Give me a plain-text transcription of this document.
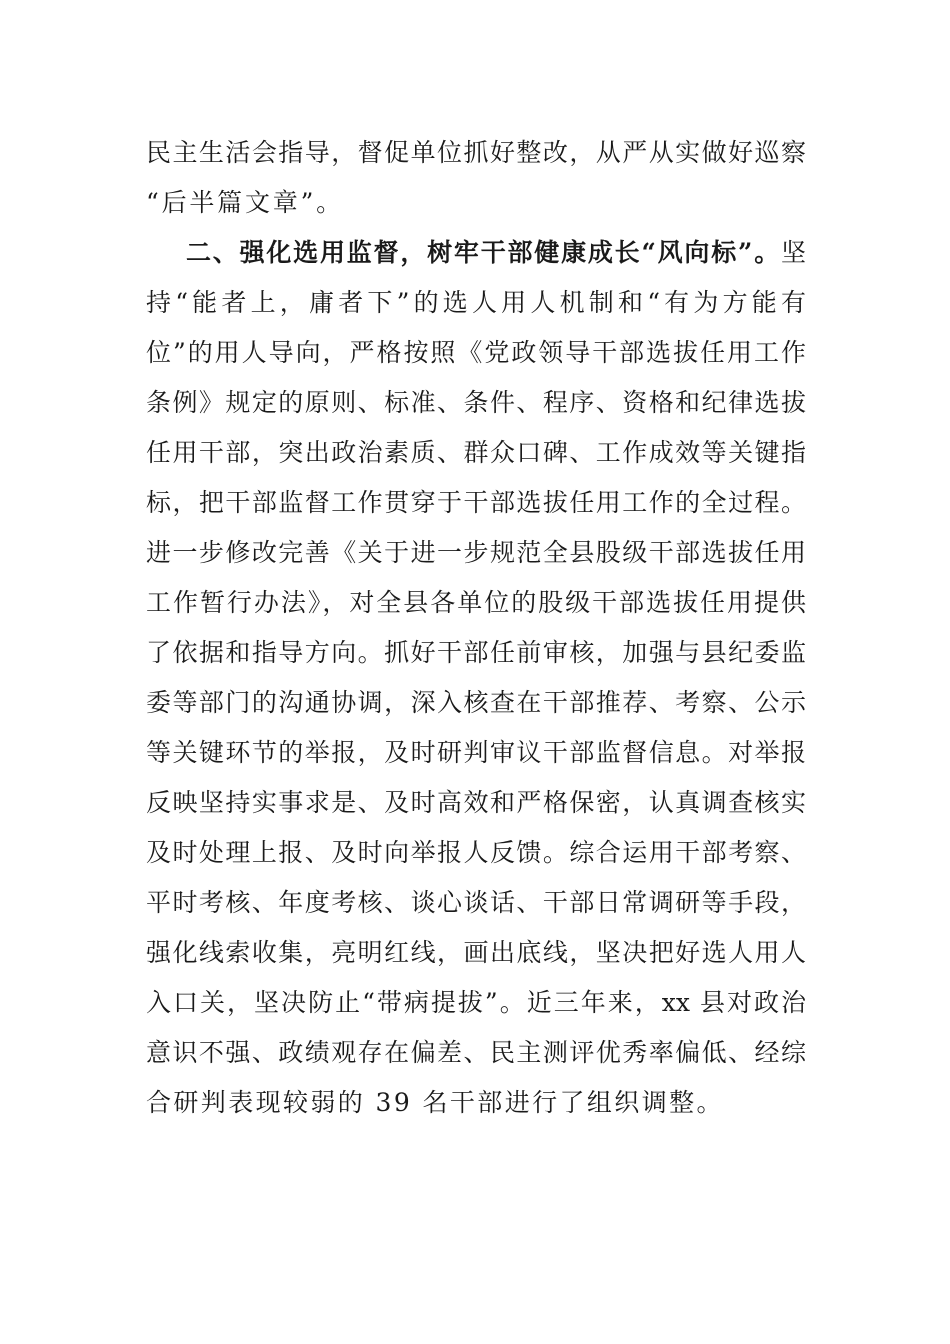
民主生活会指导，督促单位抓好整改，从严从实做好巡察
“后半篇文章”。
二、强化选用监督，树牢干部健康成长“风向标”。坚
持“能者上，庸者下”的选人用人机制和“有为方能有
位”的用人导向，严格按照《党政领导干部选拔任用工作
条例》规定的原则、标准、条件、程序、资格和纪律选拔
任用干部，突出政治素质、群众口碑、工作成效等关键指
标，把干部监督工作贯穿于干部选拔任用工作的全过程。
进一步修改完善《关于进一步规范全县股级干部选拔任用
工作暂行办法》，对全县各单位的股级干部选拔任用提供
了依据和指导方向。抓好干部任前审核，加强与县纪委监
委等部门的沟通协调，深入核查在干部推荐、考察、公示
等关键环节的举报，及时研判审议干部监督信息。对举报
反映坚持实事求是、及时高效和严格保密，认真调查核实
及时处理上报、及时向举报人反馈。综合运用干部考察、
平时考核、年度考核、谈心谈话、干部日常调研等手段，
强化线索收集，亮明红线，画出底线，坚决把好选人用人
入口关，坚决防止“带病提拔”。近三年来，xx 县对政治
意识不强、政绩观存在偏差、民主测评优秀率偏低、经综
合研判表现较弱的 39 名干部进行了组织调整。
